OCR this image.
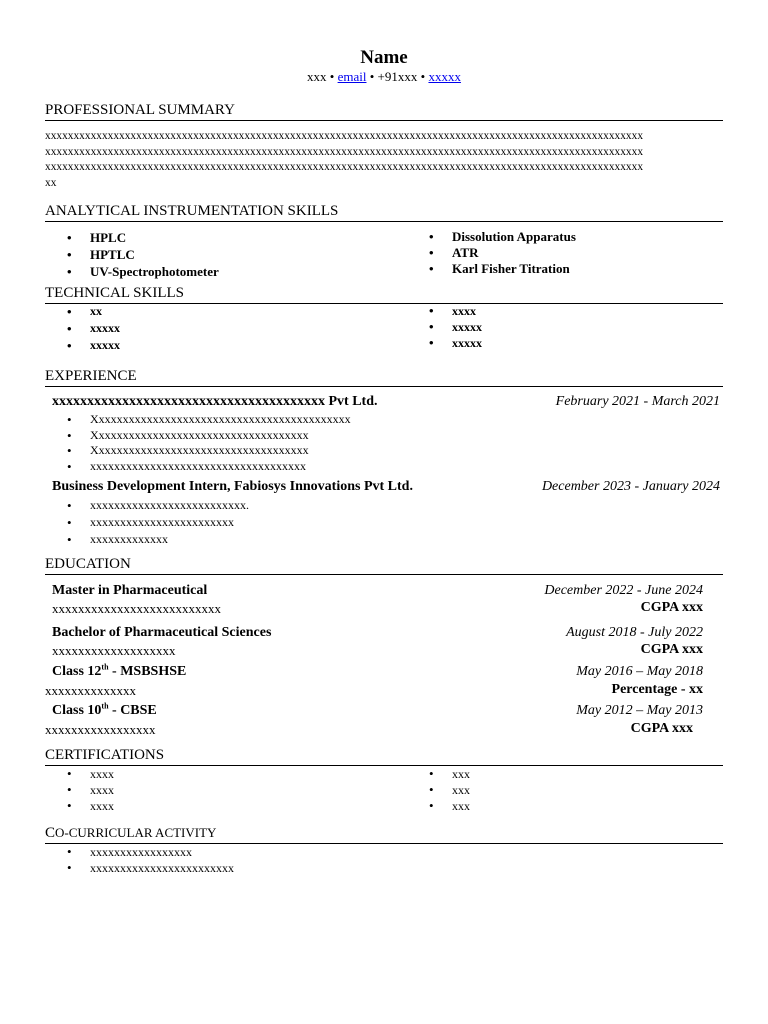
Name
xxx • email • +91xxx • xxxxx
PROFESSIONAL SUMMARY
xxxxxxxxxxxxxxxxxxxxxxxxxxxxxxxxxxxxxxxxxxxxxxxxxxxxxxxxxxxxxxxxxxxxxxxxxxxxxxxxxxxxxxxxxxxxxxxxxxxxxxxxx
xxxxxxxxxxxxxxxxxxxxxxxxxxxxxxxxxxxxxxxxxxxxxxxxxxxxxxxxxxxxxxxxxxxxxxxxxxxxxxxxxxxxxxxxxxxxxxxxxxxxxxxxx
xxxxxxxxxxxxxxxxxxxxxxxxxxxxxxxxxxxxxxxxxxxxxxxxxxxxxxxxxxxxxxxxxxxxxxxxxxxxxxxxxxxxxxxxxxxxxxxxxxxxxxxxx
xx
ANALYTICAL INSTRUMENTATION SKILLS
• HPLC
• HPTLC
• UV-Spectrophotometer
• Dissolution Apparatus
• ATR
• Karl Fisher Titration
TECHNICAL SKILLS
• xx
• xxxxx
• xxxxx
• xxxx
• xxxxx
• xxxxx
EXPERIENCE
xxxxxxxxxxxxxxxxxxxxxxxxxxxxxxxxxxxxxxx Pvt Ltd.	February 2021 - March 2021
• Xxxxxxxxxxxxxxxxxxxxxxxxxxxxxxxxxxxxxxxxxxx
• Xxxxxxxxxxxxxxxxxxxxxxxxxxxxxxxxxxxx
• Xxxxxxxxxxxxxxxxxxxxxxxxxxxxxxxxxxxx
• xxxxxxxxxxxxxxxxxxxxxxxxxxxxxxxxxxxx
Business Development Intern, Fabiosys Innovations Pvt Ltd.	December 2023 - January 2024
• xxxxxxxxxxxxxxxxxxxxxxxxxx.
• xxxxxxxxxxxxxxxxxxxxxxxx
• xxxxxxxxxxxxx
EDUCATION
Master in Pharmaceutical	December 2022 - June 2024
xxxxxxxxxxxxxxxxxxxxxxxxxx	CGPA xxx
Bachelor of Pharmaceutical Sciences	August 2018 - July 2022
xxxxxxxxxxxxxxxxxxx	CGPA xxx
Class 12th - MSBSHSE	May 2016 – May 2018
xxxxxxxxxxxxxx	Percentage - xx
Class 10th - CBSE	May 2012 – May 2013
xxxxxxxxxxxxxxxxx	CGPA xxx
CERTIFICATIONS
• xxxx
• xxxx
• xxxx
• xxx
• xxx
• xxx
CO-CURRICULAR ACTIVITY
• xxxxxxxxxxxxxxxxx
• xxxxxxxxxxxxxxxxxxxxxxxx
